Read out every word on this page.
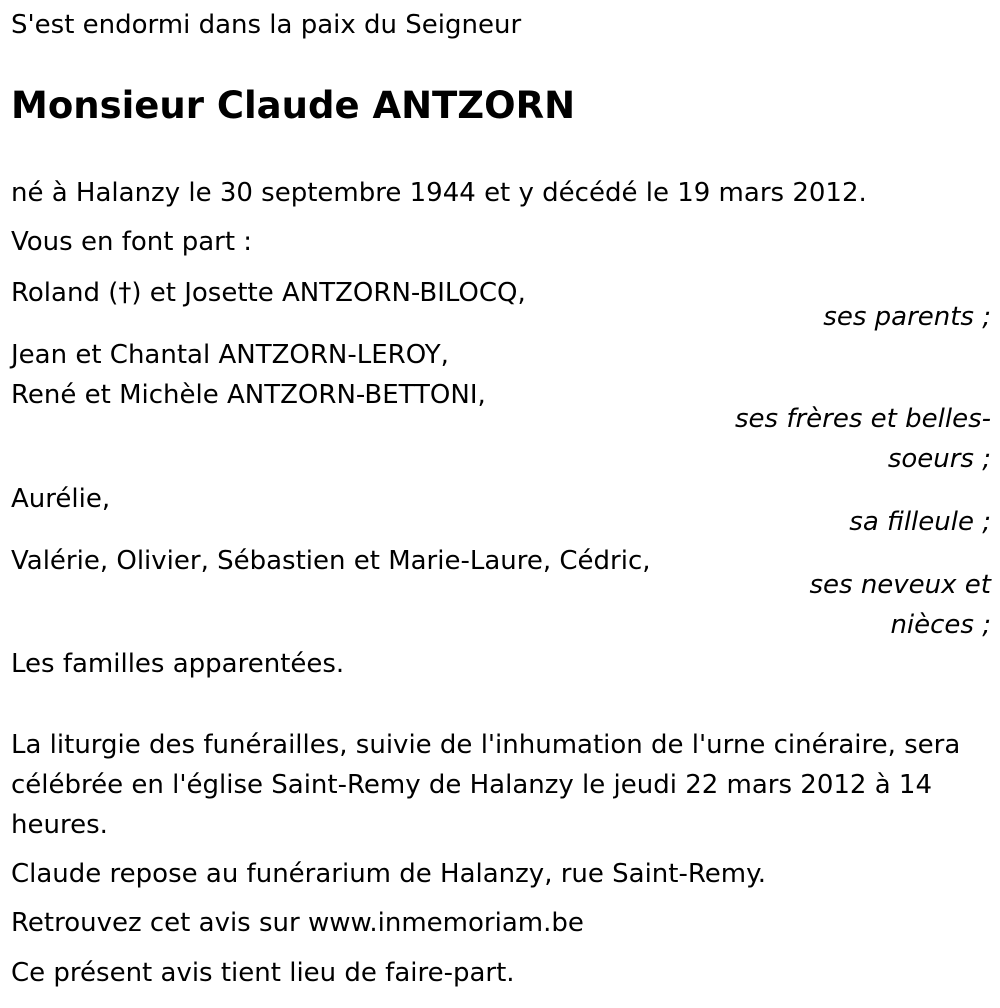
S'est endormi dans la paix du Seigneur
Monsieur Claude ANTZORN
né à Halanzy le 30 septembre 1944 et y décédé le 19 mars 2012.
Vous en font part :
Roland (†) et Josette ANTZORN-BILOCQ,
ses parents ;
Jean et Chantal ANTZORN-LEROY,
René et Michèle ANTZORN-BETTONI,
ses frères et belles-
soeurs ;
Aurélie,
sa filleule ;
Valérie, Olivier, Sébastien et Marie-Laure, Cédric,
ses neveux et
nièces ;
Les familles apparentées.
La liturgie des funérailles, suivie de l'inhumation de l'urne cinéraire, sera célébrée en l'église Saint-Remy de Halanzy le jeudi 22 mars 2012 à 14 heures.
Claude repose au funérarium de Halanzy, rue Saint-Remy.
Retrouvez cet avis sur www.inmemoriam.be
Ce présent avis tient lieu de faire-part.
